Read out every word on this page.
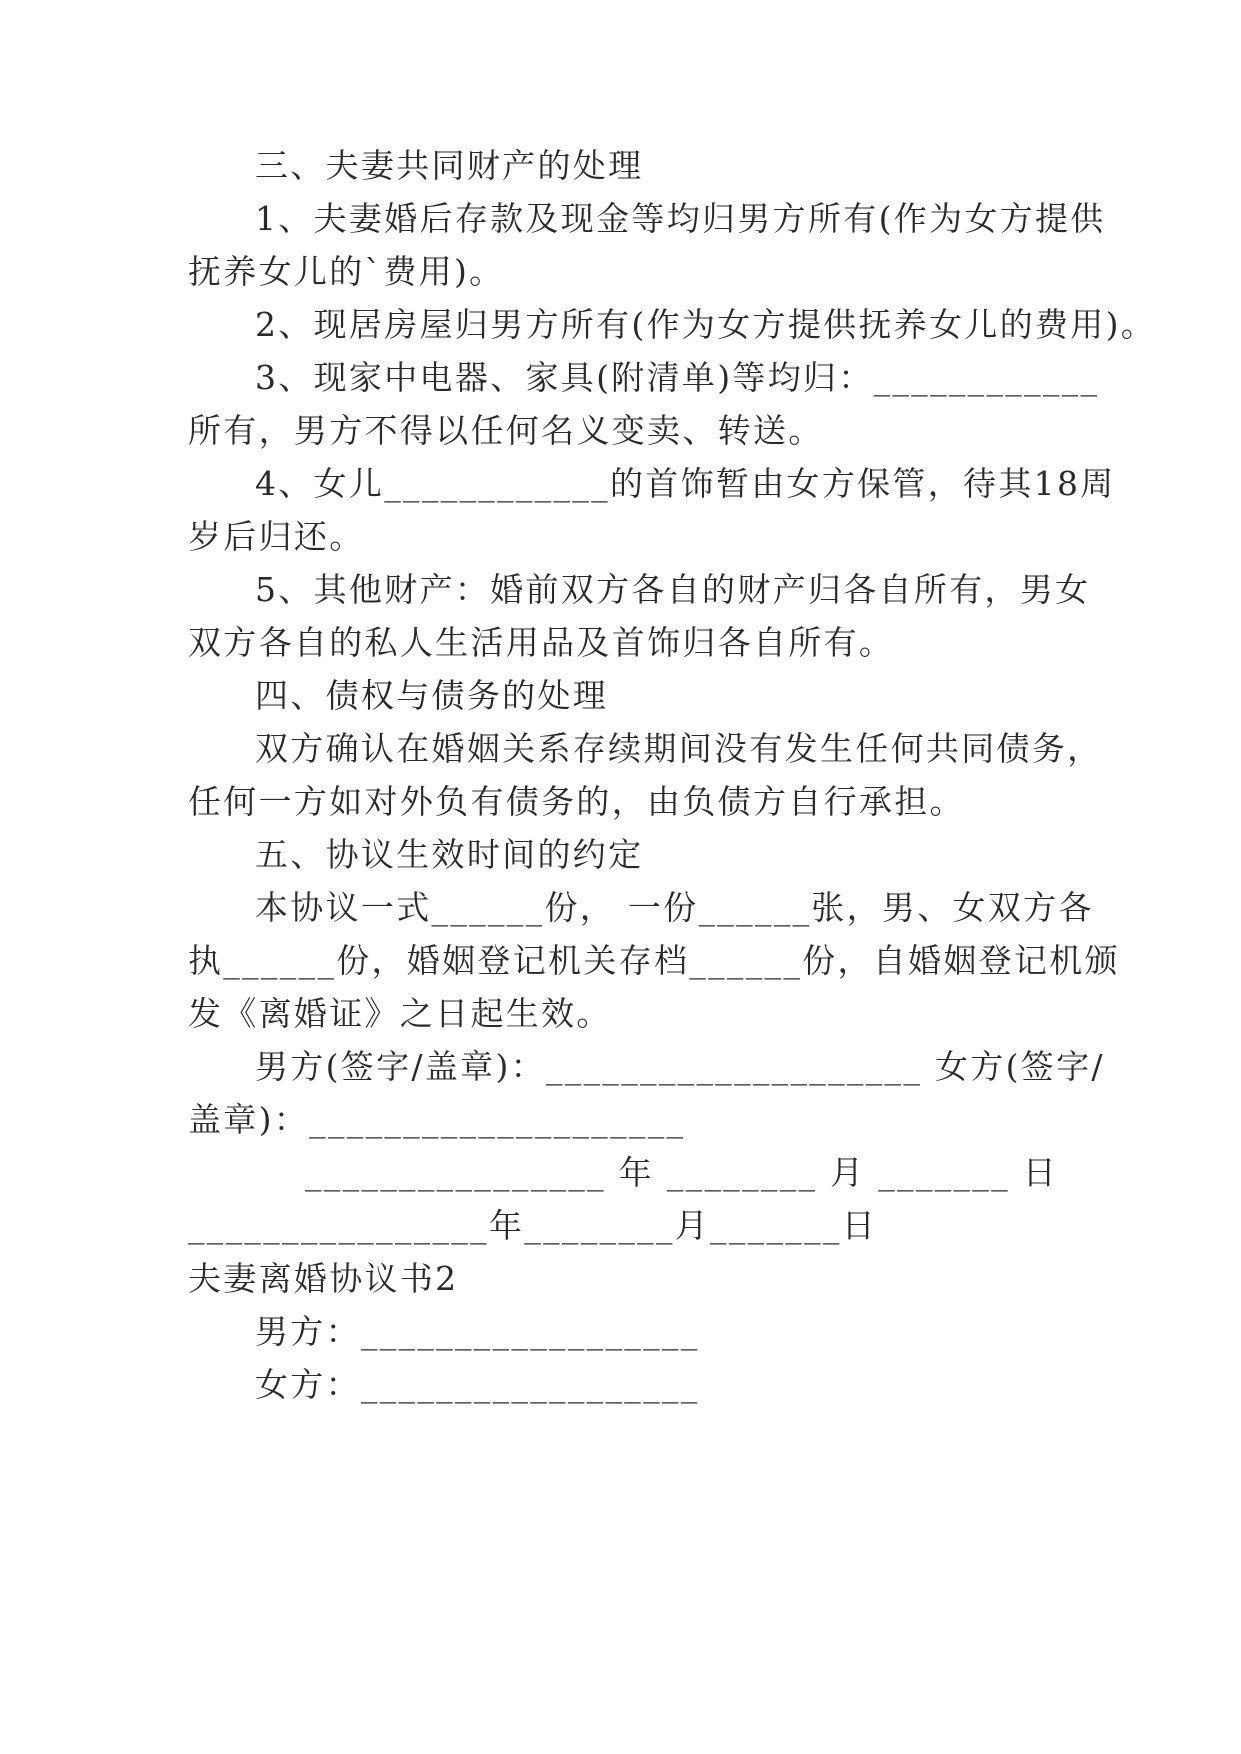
三、夫妻共同财产的处理
1、夫妻婚后存款及现金等均归男方所有(作为女方提供
抚养女儿的`费用)。
2、现居房屋归男方所有(作为女方提供抚养女儿的费用)。
3、现家中电器、家具(附清单)等均归：____________
所有，男方不得以任何名义变卖、转送。
4、女儿____________的首饰暂由女方保管，待其18周
岁后归还。
5、其他财产：婚前双方各自的财产归各自所有，男女
双方各自的私人生活用品及首饰归各自所有。
四、债权与债务的处理
双方确认在婚姻关系存续期间没有发生任何共同债务，
任何一方如对外负有债务的，由负债方自行承担。
五、协议生效时间的约定
本协议一式______份， 一份______张，男、女双方各
执______份，婚姻登记机关存档______份，自婚姻登记机颁
发《离婚证》之日起生效。
男方(签字/盖章)：____________________ 女方(签字/
盖章)：____________________
________________ 年 ________ 月 _______ 日
________________年________月_______日
夫妻离婚协议书2
男方：__________________
女方：__________________
